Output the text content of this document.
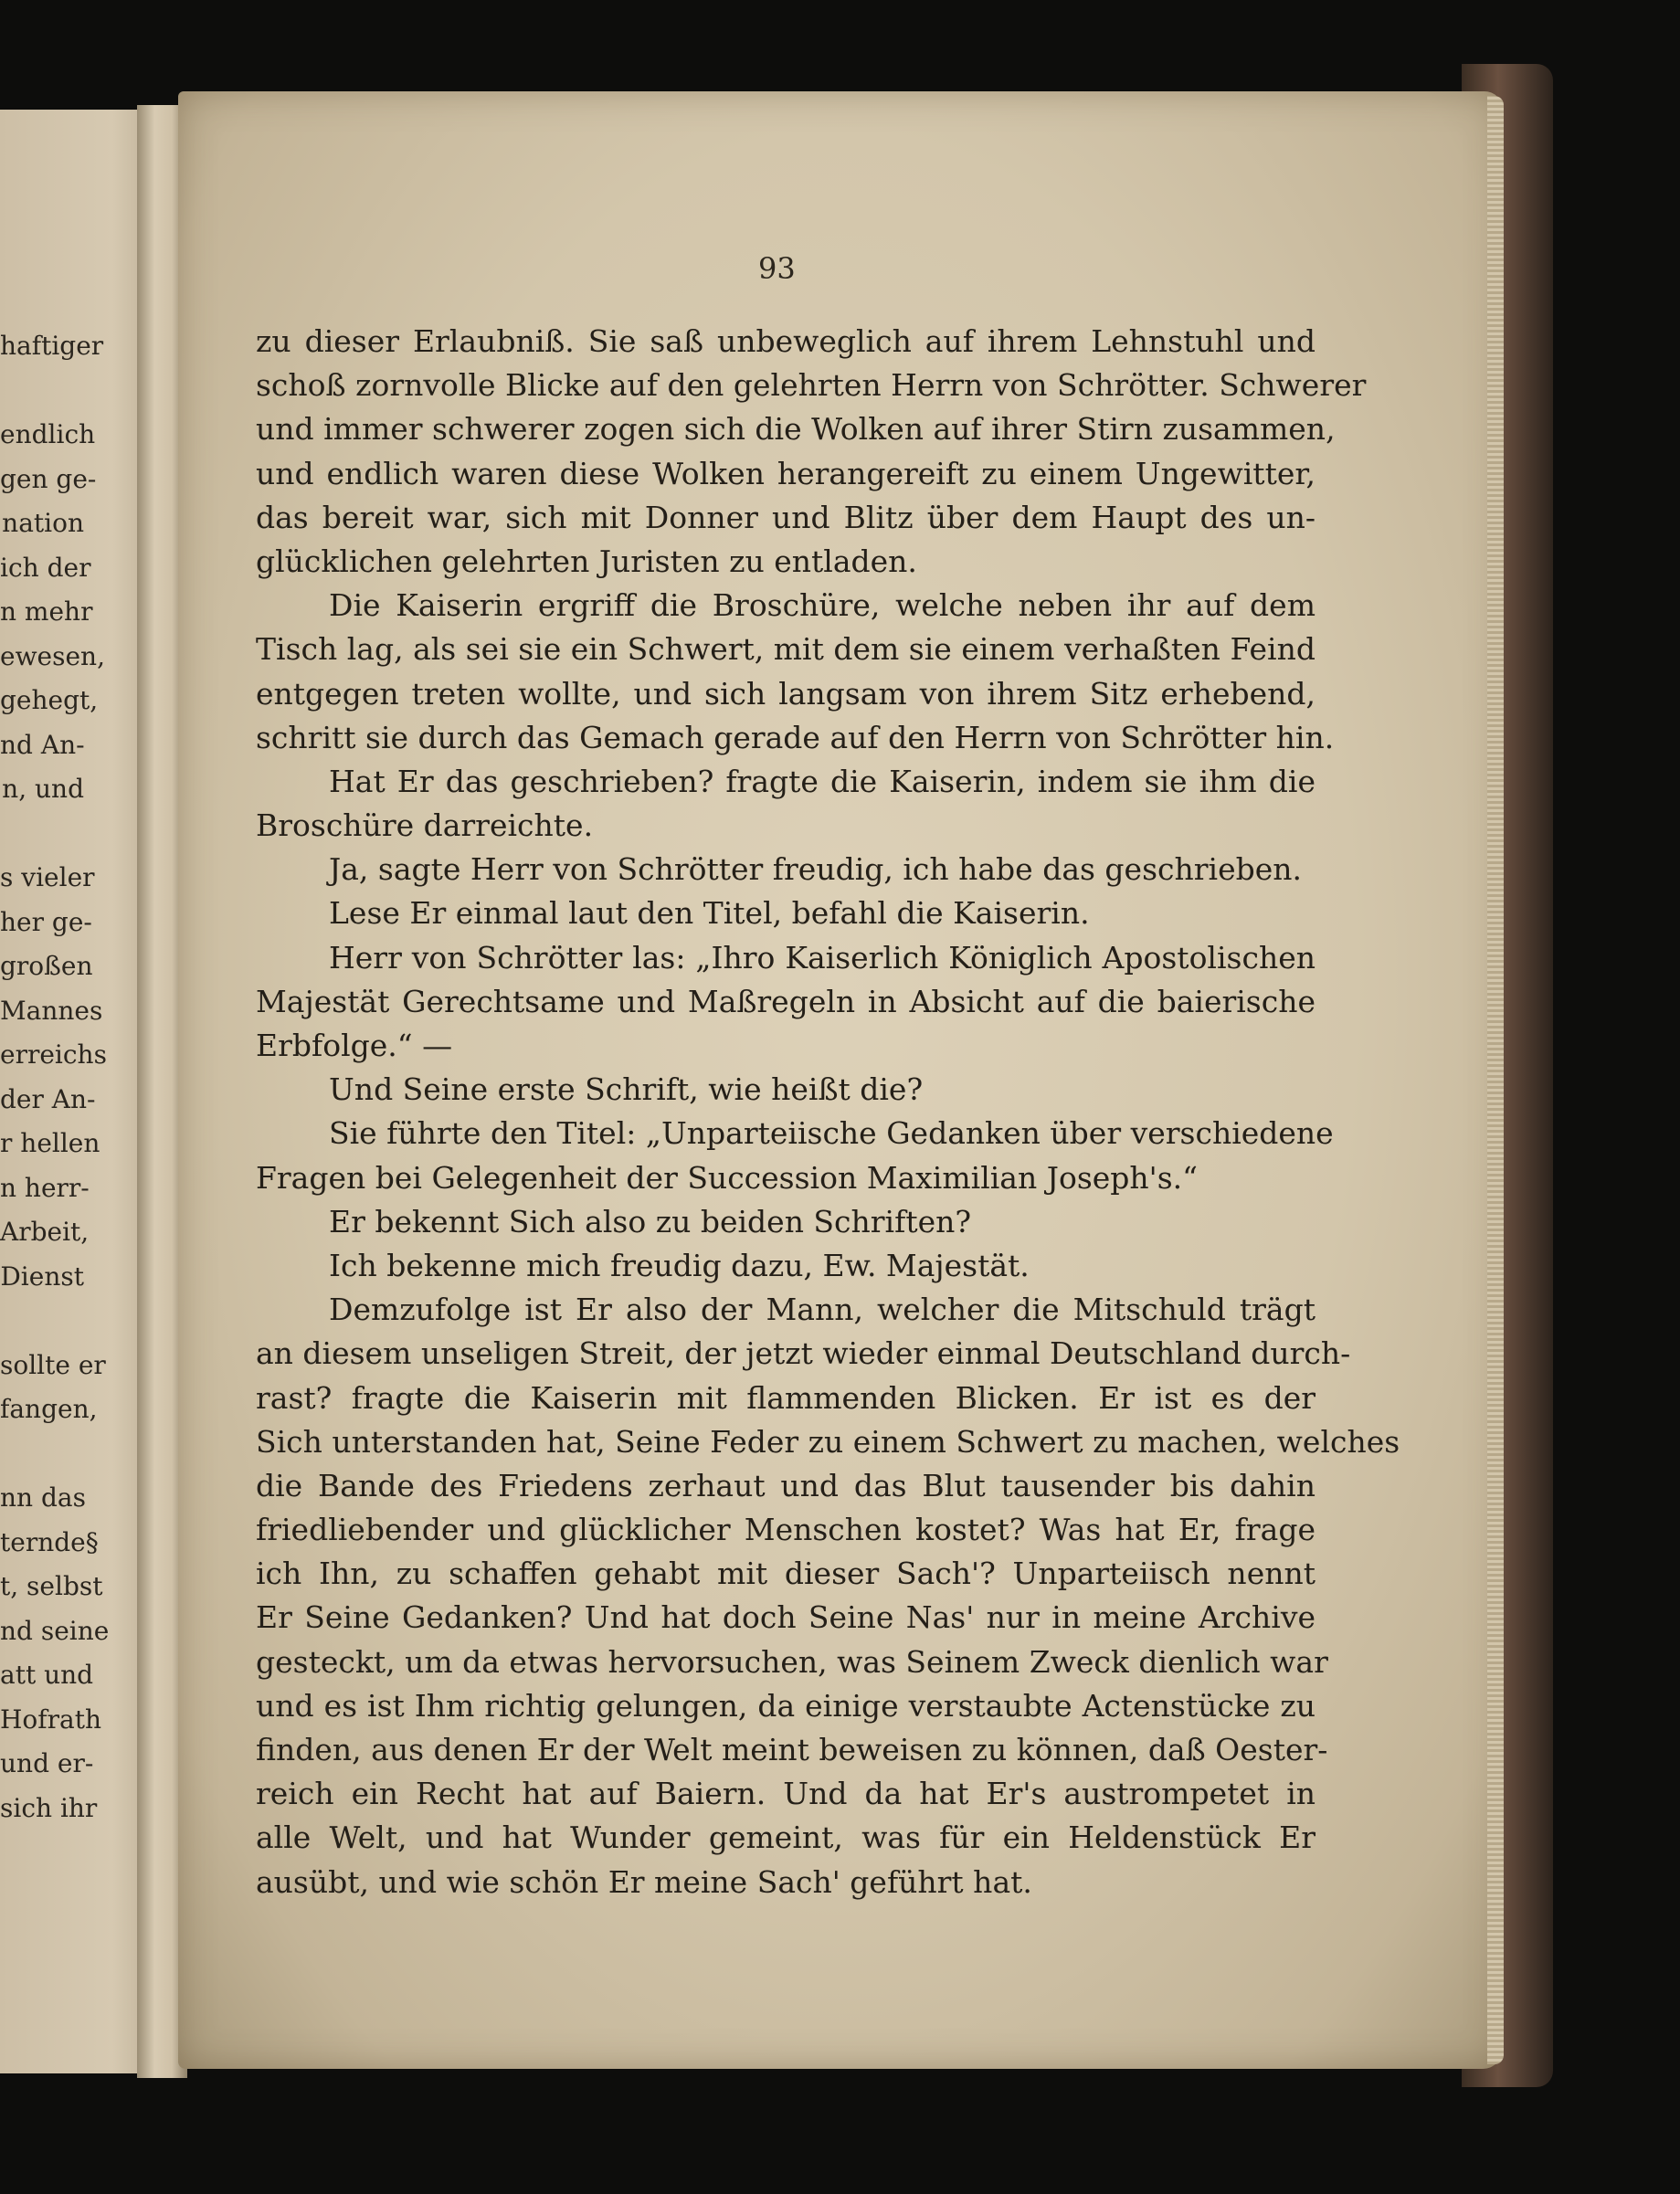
haftiger
endlich
gen ge-
nation
ich der
n mehr
ewesen,
gehegt,
nd An-
n, und
s vieler
her ge-
großen
Mannes
erreichs
der An-
r hellen
n herr-
Arbeit,
Dienst
sollte er
fangen,
nn das
ternde§
t, selbst
nd seine
att und
Hofrath
und er-
sich ihr
93
zu dieser Erlaubniß. Sie saß unbeweglich auf ihrem Lehnstuhl und
schoß zornvolle Blicke auf den gelehrten Herrn von Schrötter. Schwerer
und immer schwerer zogen sich die Wolken auf ihrer Stirn zusammen,
und endlich waren diese Wolken herangereift zu einem Ungewitter,
das bereit war, sich mit Donner und Blitz über dem Haupt des un-
glücklichen gelehrten Juristen zu entladen.
Die Kaiserin ergriff die Broschüre, welche neben ihr auf dem
Tisch lag, als sei sie ein Schwert, mit dem sie einem verhaßten Feind
entgegen treten wollte, und sich langsam von ihrem Sitz erhebend,
schritt sie durch das Gemach gerade auf den Herrn von Schrötter hin.
Hat Er das geschrieben? fragte die Kaiserin, indem sie ihm die
Broschüre darreichte.
Ja, sagte Herr von Schrötter freudig, ich habe das geschrieben.
Lese Er einmal laut den Titel, befahl die Kaiserin.
Herr von Schrötter las: „Ihro Kaiserlich Königlich Apostolischen
Majestät Gerechtsame und Maßregeln in Absicht auf die baierische
Erbfolge.“ —
Und Seine erste Schrift, wie heißt die?
Sie führte den Titel: „Unparteiische Gedanken über verschiedene
Fragen bei Gelegenheit der Succession Maximilian Joseph's.“
Er bekennt Sich also zu beiden Schriften?
Ich bekenne mich freudig dazu, Ew. Majestät.
Demzufolge ist Er also der Mann, welcher die Mitschuld trägt
an diesem unseligen Streit, der jetzt wieder einmal Deutschland durch-
rast? fragte die Kaiserin mit flammenden Blicken. Er ist es der
Sich unterstanden hat, Seine Feder zu einem Schwert zu machen, welches
die Bande des Friedens zerhaut und das Blut tausender bis dahin
friedliebender und glücklicher Menschen kostet? Was hat Er, frage
ich Ihn, zu schaffen gehabt mit dieser Sach'? Unparteiisch nennt
Er Seine Gedanken? Und hat doch Seine Nas' nur in meine Archive
gesteckt, um da etwas hervorsuchen, was Seinem Zweck dienlich war
und es ist Ihm richtig gelungen, da einige verstaubte Actenstücke zu
finden, aus denen Er der Welt meint beweisen zu können, daß Oester-
reich ein Recht hat auf Baiern. Und da hat Er's austrompetet in
alle Welt, und hat Wunder gemeint, was für ein Heldenstück Er
ausübt, und wie schön Er meine Sach' geführt hat.
